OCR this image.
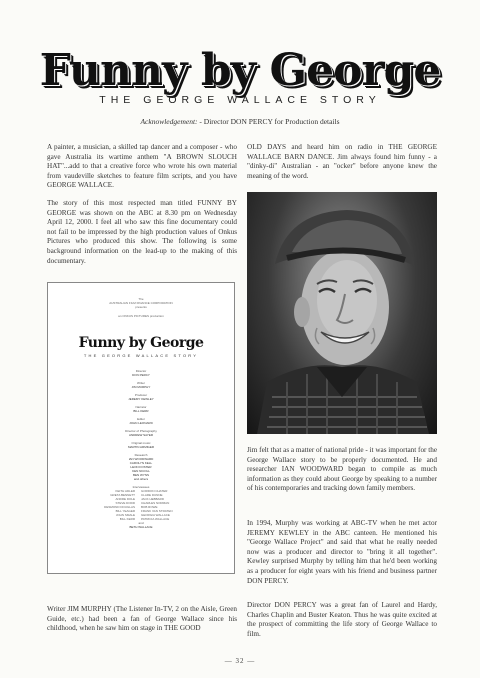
Funny by George
THE GEORGE WALLACE STORY
Acknowledgement: - Director DON PERCY for Production details

A painter, a musician, a skilled tap dancer and a composer - who gave Australia its wartime anthem "A BROWN SLOUCH HAT"...add to that a creative force who wrote his own material from vaudeville sketches to feature film scripts, and you have GEORGE WALLACE.

The story of this most respected man titled FUNNY BY GEORGE was shown on the ABC at 8.30 pm on Wednesday April 12, 2000. I feel all who saw this fine documentary could not fail to be impressed by the high production values of Onkus Pictures who produced this show. The following is some background information on the lead-up to the making of this documentary.

The
AUSTRALIAN FILM FINANCE CORPORATION
presents
an ONKUS PICTURES production
Funny by George
THE GEORGE WALLACE STORY
Director
DON PERCY
Writer
JIM MURPHY
Producer
JEREMY KEWLEY
Narrator
BILL KERR
Editor
JOHN LEONARD
Director of Photography
ANDREW SAYER
Original music
MARTIN ARMIGER
Research
IAN WOODWARD
CAROLYN KELL
LEON FOSTER
KEN NICOLL
BEN WYNS
and others
Interviewees
KEITH ADLER GORDON CHATER
GRETA BENNETT CLARE DUNNE
ANDRE DOLE JACK HEBBARD
STEVE DODD CHARLES NORMAN
DESMOND DOUGLAS BOB ROWE
BILL YEAGER FRANK VAN STRATEN
JOHN SMALE GEORGIA WALLACE
BILL KERR PATRICIA WALLACE
and
BETH WALLACE

OLD DAYS and heard him on radio in THE GEORGE WALLACE BARN DANCE. Jim always found him funny - a "dinky-di" Australian - an "ocker" before anyone knew the meaning of the word.

Jim felt that as a matter of national pride - it was important for the George Wallace story to be properly documented. He and researcher IAN WOODWARD began to compile as much information as they could about George by speaking to a number of his contemporaries and tracking down family members.

In 1994, Murphy was working at ABC-TV when he met actor JEREMY KEWLEY in the ABC canteen. He mentioned his "George Wallace Project" and said that what he really needed now was a producer and director to "bring it all together". Kewley surprised Murphy by telling him that he'd been working as a producer for eight years with his friend and business partner DON PERCY.

Director DON PERCY was a great fan of Laurel and Hardy, Charles Chaplin and Buster Keaton. Thus he was quite excited at the prospect of committing the life story of George Wallace to film.

Writer JIM MURPHY (The Listener In-TV, 2 on the Aisle, Green Guide, etc.) had been a fan of George Wallace since his childhood, when he saw him on stage in THE GOOD

— 32 —
